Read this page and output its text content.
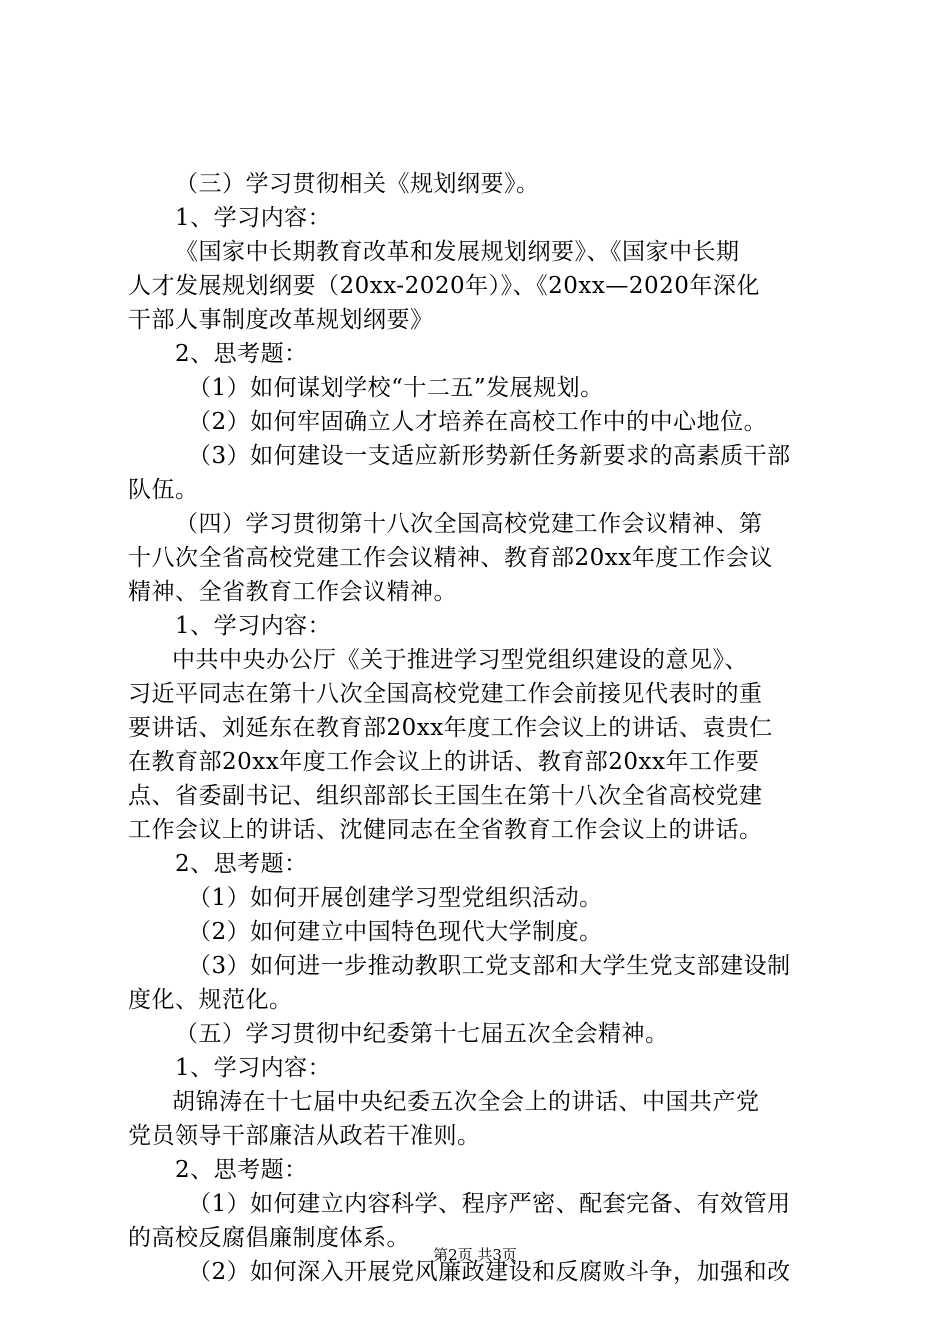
（三）学习贯彻相关《规划纲要》。
1、学习内容：
《国家中长期教育改革和发展规划纲要》、《国家中长期
人才发展规划纲要（20xx-2020年）》、《20xx—2020年深化
干部人事制度改革规划纲要》
2、思考题：
（1）如何谋划学校“十二五”发展规划。
（2）如何牢固确立人才培养在高校工作中的中心地位。
（3）如何建设一支适应新形势新任务新要求的高素质干部
队伍。
（四）学习贯彻第十八次全国高校党建工作会议精神、第
十八次全省高校党建工作会议精神、教育部20xx年度工作会议
精神、全省教育工作会议精神。
1、学习内容：
中共中央办公厅《关于推进学习型党组织建设的意见》、
习近平同志在第十八次全国高校党建工作会前接见代表时的重
要讲话、刘延东在教育部20xx年度工作会议上的讲话、袁贵仁
在教育部20xx年度工作会议上的讲话、教育部20xx年工作要
点、省委副书记、组织部部长王国生在第十八次全省高校党建
工作会议上的讲话、沈健同志在全省教育工作会议上的讲话。
2、思考题：
（1）如何开展创建学习型党组织活动。
（2）如何建立中国特色现代大学制度。
（3）如何进一步推动教职工党支部和大学生党支部建设制
度化、规范化。
（五）学习贯彻中纪委第十七届五次全会精神。
1、学习内容：
胡锦涛在十七届中央纪委五次全会上的讲话、中国共产党
党员领导干部廉洁从政若干准则。
2、思考题：
（1）如何建立内容科学、程序严密、配套完备、有效管用
的高校反腐倡廉制度体系。
（2）如何深入开展党风廉政建设和反腐败斗争，加强和改
第2页 共3页
